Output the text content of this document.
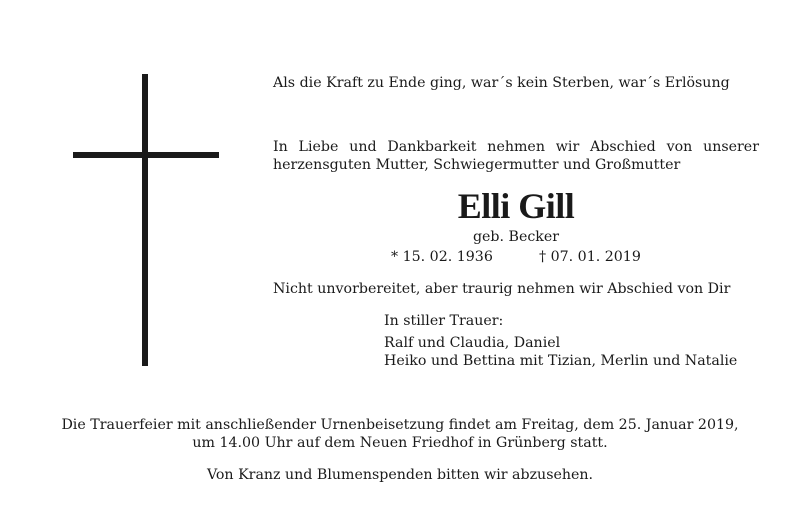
Als die Kraft zu Ende ging, war´s kein Sterben, war´s Erlösung
In Liebe und Dankbarkeit nehmen wir Abschied von unserer herzensguten Mutter, Schwiegermutter und Großmutter
Elli Gill
geb. Becker
* 15. 02. 1936	† 07. 01. 2019
Nicht unvorbereitet, aber traurig nehmen wir Abschied von Dir
In stiller Trauer:
Ralf und Claudia, Daniel
Heiko und Bettina mit Tizian, Merlin und Natalie
Die Trauerfeier mit anschließender Urnenbeisetzung findet am Freitag, dem 25. Januar 2019,
um 14.00 Uhr auf dem Neuen Friedhof in Grünberg statt.
Von Kranz und Blumenspenden bitten wir abzusehen.
